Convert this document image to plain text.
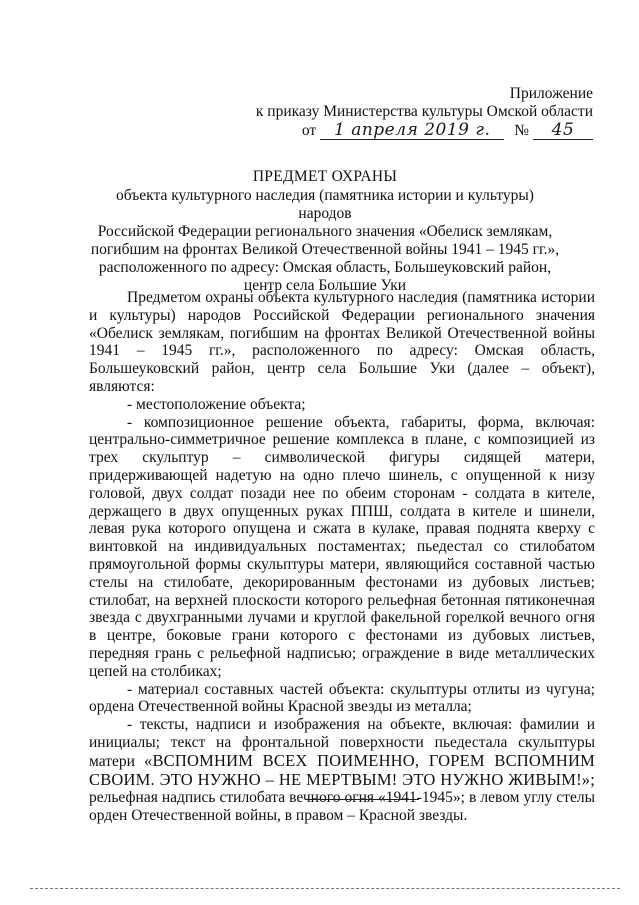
Приложение
к приказу Министерства культуры Омской области
от 1 апреля 2019 г. № 45
ПРЕДМЕТ ОХРАНЫ
объекта культурного наследия (памятника истории и культуры) народов
Российской Федерации регионального значения «Обелиск землякам,
погибшим на фронтах Великой Отечественной войны 1941 – 1945 гг.»,
расположенного по адресу: Омская область, Большеуковский район,
центр села Большие Уки

Предметом охраны объекта культурного наследия (памятника истории и культуры) народов Российской Федерации регионального значения «Обелиск землякам, погибшим на фронтах Великой Отечественной войны 1941 – 1945 гг.», расположенного по адресу: Омская область, Большеуковский район, центр села Большие Уки (далее – объект), являются:

- местоположение объекта;

- композиционное решение объекта, габариты, форма, включая: центрально-симметричное решение комплекса в плане, с композицией из трех скульптур – символической фигуры сидящей матери, придерживающей надетую на одно плечо шинель, с опущенной к низу головой, двух солдат позади нее по обеим сторонам - солдата в кителе, держащего в двух опущенных руках ППШ, солдата в кителе и шинели, левая рука которого опущена и сжата в кулаке, правая поднята кверху с винтовкой на индивидуальных постаментах; пьедестал со стилобатом прямоугольной формы скульптуры матери, являющийся составной частью стелы на стилобате, декорированным фестонами из дубовых листьев; стилобат, на верхней плоскости которого рельефная бетонная пятиконечная звезда с двухгранными лучами и круглой факельной горелкой вечного огня в центре, боковые грани которого с фестонами из дубовых листьев, передняя грань с рельефной надписью; ограждение в виде металлических цепей на столбиках;

- материал составных частей объекта: скульптуры отлиты из чугуна; ордена Отечественной войны Красной звезды из металла;

- тексты, надписи и изображения на объекте, включая: фамилии и инициалы; текст на фронтальной поверхности пьедестала скульптуры матери «ВСПОМНИМ ВСЕХ ПОИМЕННО, ГОРЕМ ВСПОМНИМ СВОИМ. ЭТО НУЖНО – НЕ МЕРТВЫМ! ЭТО НУЖНО ЖИВЫМ!»; рельефная надпись стилобата вечного огня «1941-1945»; в левом углу стелы орден Отечественной войны, в правом – Красной звезды.
